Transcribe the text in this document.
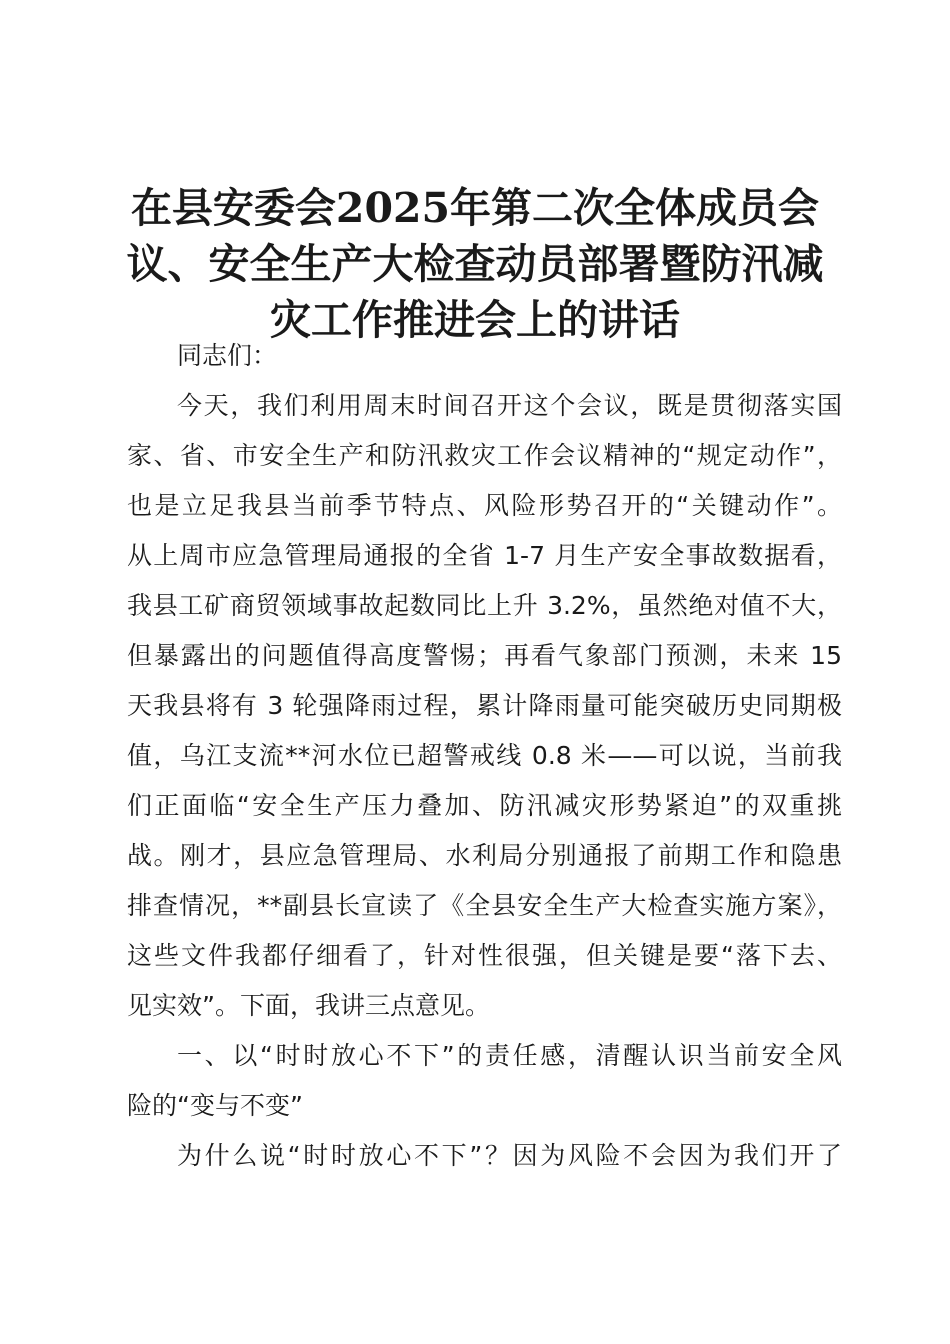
在县安委会2025年第二次全体成员会
议、安全生产大检查动员部署暨防汛减
灾工作推进会上的讲话
同志们：
今天，我们利用周末时间召开这个会议，既是贯彻落实国
家、省、市安全生产和防汛救灾工作会议精神的“规定动作”，
也是立足我县当前季节特点、风险形势召开的“关键动作”。
从上周市应急管理局通报的全省 1-7 月生产安全事故数据看，
我县工矿商贸领域事故起数同比上升 3.2%，虽然绝对值不大，
但暴露出的问题值得高度警惕；再看气象部门预测，未来 15
天我县将有 3 轮强降雨过程，累计降雨量可能突破历史同期极
值，乌江支流**河水位已超警戒线 0.8 米——可以说，当前我
们正面临“安全生产压力叠加、防汛减灾形势紧迫”的双重挑
战。刚才，县应急管理局、水利局分别通报了前期工作和隐患
排查情况，**副县长宣读了《全县安全生产大检查实施方案》，
这些文件我都仔细看了，针对性很强，但关键是要“落下去、
见实效”。下面，我讲三点意见。
一、以“时时放心不下”的责任感，清醒认识当前安全风
险的“变与不变”
为什么说“时时放心不下”？因为风险不会因为我们开了
